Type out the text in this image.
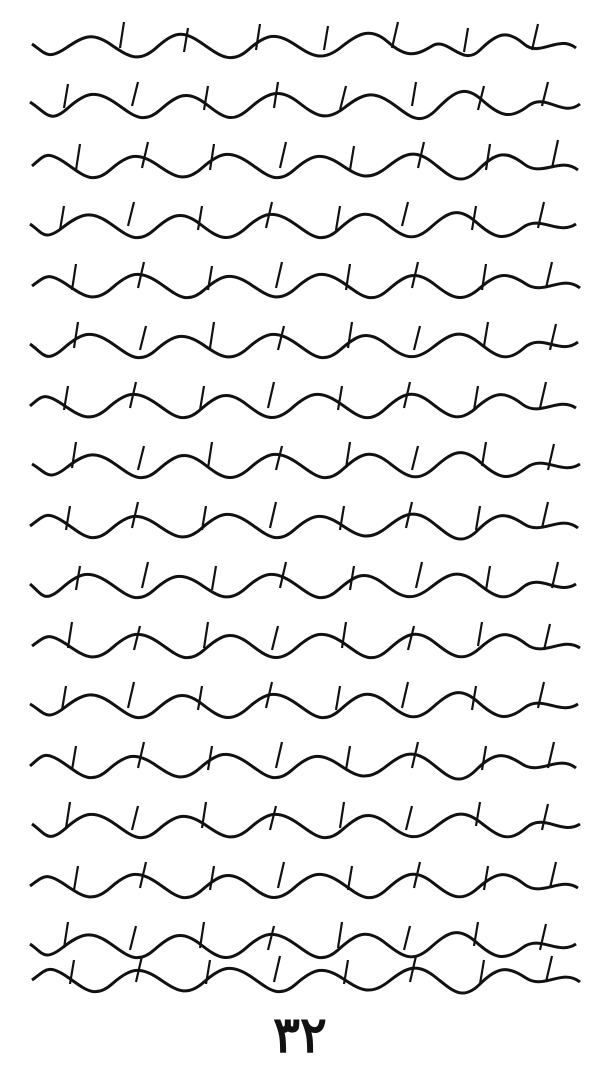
۳۲
